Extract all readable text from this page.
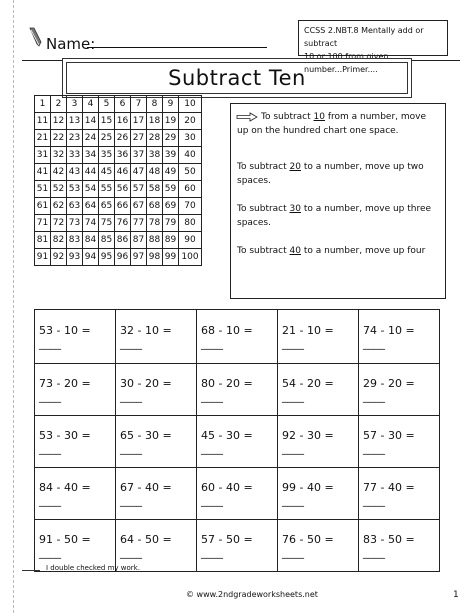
Name:
CCSS 2.NBT.8 Mentally add or subtract
10 or 100 from given number...Primer....
Subtract Ten
1	2	3	4	5	6	7	8	9	10
11	12	13	14	15	16	17	18	19	20
21	22	23	24	25	26	27	28	29	30
31	32	33	34	35	36	37	38	39	40
41	42	43	44	45	46	47	48	49	50
51	52	53	54	55	56	57	58	59	60
61	62	63	64	65	66	67	68	69	70
71	72	73	74	75	76	77	78	79	80
81	82	83	84	85	86	87	88	89	90
91	92	93	94	95	96	97	98	99	100

To subtract 10 from a number, move up on the hundred chart one space.

To subtract 20 to a number, move up two spaces.

To subtract 30 to a number, move up three spaces.

To subtract 40 to a number, move up four

53 - 10 = ____	32 - 10 = ____	68 - 10 = ____	21 - 10 = ____	74 - 10 = ____
73 - 20 = ____	30 - 20 = ____	80 - 20 = ____	54 - 20 = ____	29 - 20 = ____
53 - 30 = ____	65 - 30 = ____	45 - 30 = ____	92 - 30 = ____	57 - 30 = ____
84 - 40 = ____	67 - 40 = ____	60 - 40 = ____	99 - 40 = ____	77 - 40 = ____
91 - 50 = ____	64 - 50 = ____	57 - 50 = ____	76 - 50 = ____	83 - 50 = ____
I double checked my work.
© www.2ndgradeworksheets.net	1
